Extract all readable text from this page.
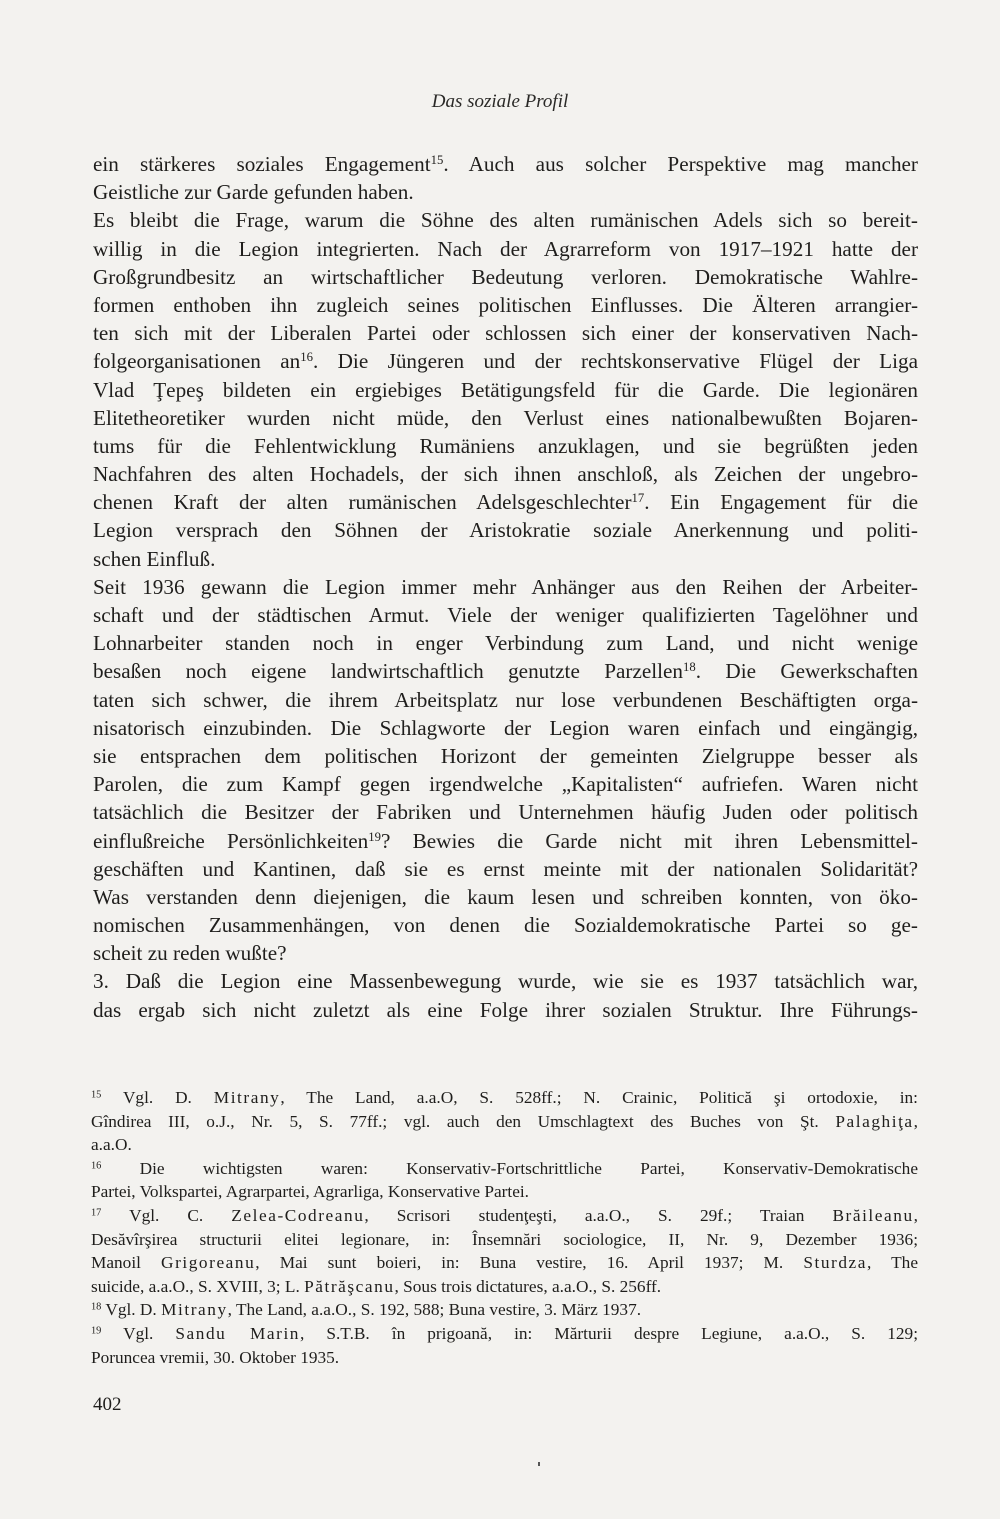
Das soziale Profil
ein stärkeres soziales Engagement$^{15}$. Auch aus solcher Perspektive mag mancher
Geistliche zur Garde gefunden haben.
Es bleibt die Frage, warum die Söhne des alten rumänischen Adels sich so bereit-
willig in die Legion integrierten. Nach der Agrarreform von 1917–1921 hatte der
Großgrundbesitz an wirtschaftlicher Bedeutung verloren. Demokratische Wahlre-
formen enthoben ihn zugleich seines politischen Einflusses. Die Älteren arrangier-
ten sich mit der Liberalen Partei oder schlossen sich einer der konservativen Nach-
folgeorganisationen $an^{16}$. Die Jüngeren und der rechtskonservative Flügel der Liga
Vlad Ţepeş bildeten ein ergiebiges Betätigungsfeld für die Garde. Die legionären
Elitetheoretiker wurden nicht müde, den Verlust eines nationalbewußten Bojaren-
tums für die Fehlentwicklung Rumäniens anzuklagen, und sie begrüßten jeden
Nachfahren des alten Hochadels, der sich ihnen anschloß, als Zeichen der ungebro-
chenen Kraft der alten rumänischen Adelsgeschlechter$^{17}$. Ein Engagement für die
Legion versprach den Söhnen der Aristokratie soziale Anerkennung und politi-
schen Einfluß.
Seit 1936 gewann die Legion immer mehr Anhänger aus den Reihen der Arbeiter-
schaft und der städtischen Armut. Viele der weniger qualifizierten Tagelöhner und
Lohnarbeiter standen noch in enger Verbindung zum Land, und nicht wenige
besaßen noch eigene landwirtschaftlich genutzte Parzellen$^{18}$. Die Gewerkschaften
taten sich schwer, die ihrem Arbeitsplatz nur lose verbundenen Beschäftigten orga-
nisatorisch einzubinden. Die Schlagworte der Legion waren einfach und eingängig,
sie entsprachen dem politischen Horizont der gemeinten Zielgruppe besser als
Parolen, die zum Kampf gegen irgendwelche „Kapitalisten“ aufriefen. Waren nicht
tatsächlich die Besitzer der Fabriken und Unternehmen häufig Juden oder politisch
einflußreiche Persönlichkeiten$^{19}$? Bewies die Garde nicht mit ihren Lebensmittel-
geschäften und Kantinen, daß sie es ernst meinte mit der nationalen Solidarität?
Was verstanden denn diejenigen, die kaum lesen und schreiben konnten, von öko-
nomischen Zusammenhängen, von denen die Sozialdemokratische Partei so ge-
scheit zu reden wußte?
3. Daß die Legion eine Massenbewegung wurde, wie sie es 1937 tatsächlich war,
das ergab sich nicht zuletzt als eine Folge ihrer sozialen Struktur. Ihre Führungs-
$^{15}$ Vgl. D. Mitrany, The Land, a.a.O, S. 528ff.; N. Crainic, Politică şi ortodoxie, in:
Gîndirea III, o.J., Nr. 5, S. 77ff.; vgl. auch den Umschlagtext des Buches von Şt. Palaghiţa,
a.a.O.
$^{16}$ Die wichtigsten waren: Konservativ-Fortschrittliche Partei, Konservativ-Demokratische
Partei, Volkspartei, Agrarpartei, Agrarliga, Konservative Partei.
$^{17}$ Vgl. C. Zelea-Codreanu, Scrisori studenţeşti, a.a.O., S. 29f.; Traian Brăileanu,
Desăvîrşirea structurii elitei legionare, in: Însemnări sociologice, II, Nr. 9, Dezember 1936;
Manoil Grigoreanu, Mai sunt boieri, in: Buna vestire, 16. April 1937; M. Sturdza, The
suicide, a.a.O., S. XVIII, 3; L. Pătrăşcanu, Sous trois dictatures, a.a.O., S. 256ff.
$^{18}$ Vgl. D. Mitrany, The Land, a.a.O., S. 192, 588; Buna vestire, 3. März 1937.
$^{19}$ Vgl. Sandu Marin, S.T.B. în prigoană, in: Mărturii despre Legiune, a.a.O., S. 129;
Poruncea vremii, 30. Oktober 1935.
402
